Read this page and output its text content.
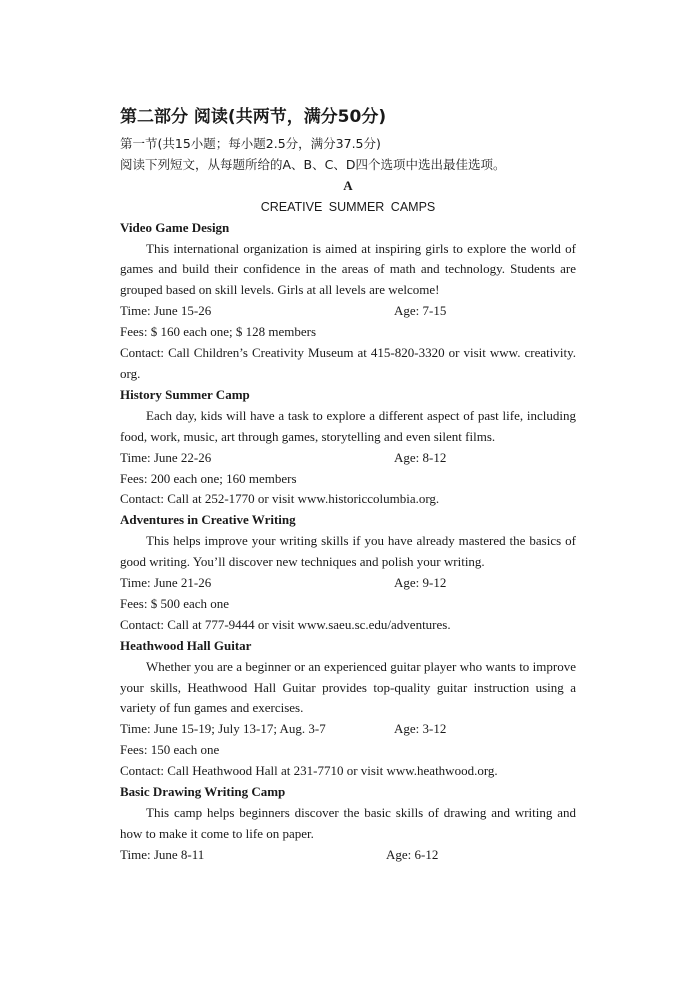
第二部分 阅读(共两节，满分50分)
第一节(共15小题；每小题2.5分，满分37.5分)
阅读下列短文，从每题所给的A、B、C、D四个选项中选出最佳选项。
A
CREATIVE SUMMER CAMPS
Video Game Design

This international organization is aimed at inspiring girls to explore the world of games and build their confidence in the areas of math and technology. Students are grouped based on skill levels. Girls at all levels are welcome!

Time: June 15-26	Age: 7-15
Fees: $ 160 each one; $ 128 members
Contact: Call Children’s Creativity Museum at 415-820-3320 or visit www. creativity. org.
History Summer Camp

Each day, kids will have a task to explore a different aspect of past life, including food, work, music, art through games, storytelling and even silent films.

Time: June 22-26	Age: 8-12
Fees: 200 each one; 160 members
Contact: Call at 252-1770 or visit www.historiccolumbia.org.
Adventures in Creative Writing

This helps improve your writing skills if you have already mastered the basics of good writing. You’ll discover new techniques and polish your writing.

Time: June 21-26	Age: 9-12
Fees: $ 500 each one
Contact: Call at 777-9444 or visit www.saeu.sc.edu/adventures.
Heathwood Hall Guitar

Whether you are a beginner or an experienced guitar player who wants to improve your skills, Heathwood Hall Guitar provides top-quality guitar instruction using a variety of fun games and exercises.

Time: June 15-19; July 13-17; Aug. 3-7	Age: 3-12
Fees: 150 each one
Contact: Call Heathwood Hall at 231-7710 or visit www.heathwood.org.
Basic Drawing Writing Camp

This camp helps beginners discover the basic skills of drawing and writing and how to make it come to life on paper.

Time: June 8-11	Age: 6-12
